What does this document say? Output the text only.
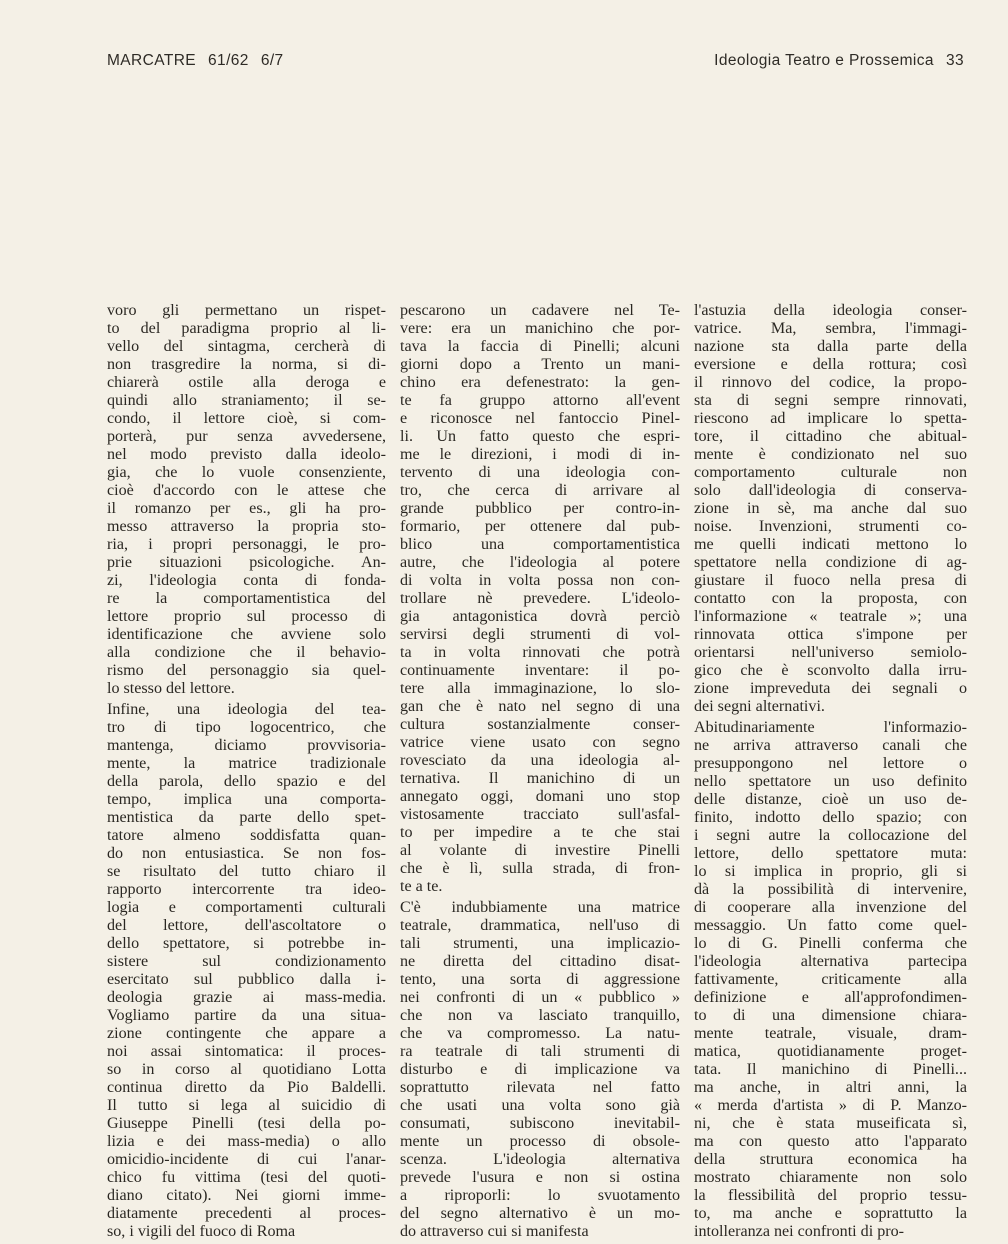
MARCATRE 61/62 6/7	Ideologia Teatro e Prossemica 33

voro gli permettano un rispet-
to del paradigma proprio al li-
vello del sintagma, cercherà di
non trasgredire la norma, si di-
chiarerà ostile alla deroga e
quindi allo straniamento; il se-
condo, il lettore cioè, si com-
porterà, pur senza avvedersene,
nel modo previsto dalla ideolo-
gia, che lo vuole consenziente,
cioè d'accordo con le attese che
il romanzo per es., gli ha pro-
messo attraverso la propria sto-
ria, i propri personaggi, le pro-
prie situazioni psicologiche. An-
zi, l'ideologia conta di fonda-
re la comportamentistica del
lettore proprio sul processo di
identificazione che avviene solo
alla condizione che il behavio-
rismo del personaggio sia quel-
lo stesso del lettore.

Infine, una ideologia del tea-
tro di tipo logocentrico, che
mantenga, diciamo provvisoria-
mente, la matrice tradizionale
della parola, dello spazio e del
tempo, implica una comporta-
mentistica da parte dello spet-
tatore almeno soddisfatta quan-
do non entusiastica. Se non fos-
se risultato del tutto chiaro il
rapporto intercorrente tra ideo-
logia e comportamenti culturali
del lettore, dell'ascoltatore o
dello spettatore, si potrebbe in-
sistere sul condizionamento
esercitato sul pubblico dalla i-
deologia grazie ai mass-media.
Vogliamo partire da una situa-
zione contingente che appare a
noi assai sintomatica: il proces-
so in corso al quotidiano Lotta
continua diretto da Pio Baldelli.
Il tutto si lega al suicidio di
Giuseppe Pinelli (tesi della po-
lizia e dei mass-media) o allo
omicidio-incidente di cui l'anar-
chico fu vittima (tesi del quoti-
diano citato). Nei giorni imme-
diatamente precedenti al proces-
so, i vigili del fuoco di Roma

pescarono un cadavere nel Te-
vere: era un manichino che por-
tava la faccia di Pinelli; alcuni
giorni dopo a Trento un mani-
chino era defenestrato: la gen-
te fa gruppo attorno all'event
e riconosce nel fantoccio Pinel-
li. Un fatto questo che espri-
me le direzioni, i modi di in-
tervento di una ideologia con-
tro, che cerca di arrivare al
grande pubblico per contro-in-
formario, per ottenere dal pub-
blico una comportamentistica
autre, che l'ideologia al potere
di volta in volta possa non con-
trollare nè prevedere. L'ideolo-
gia antagonistica dovrà perciò
servirsi degli strumenti di vol-
ta in volta rinnovati che potrà
continuamente inventare: il po-
tere alla immaginazione, lo slo-
gan che è nato nel segno di una
cultura sostanzialmente conser-
vatrice viene usato con segno
rovesciato da una ideologia al-
ternativa. Il manichino di un
annegato oggi, domani uno stop
vistosamente tracciato sull'asfal-
to per impedire a te che stai
al volante di investire Pinelli
che è lì, sulla strada, di fron-
te a te.

C'è indubbiamente una matrice
teatrale, drammatica, nell'uso di
tali strumenti, una implicazio-
ne diretta del cittadino disat-
tento, una sorta di aggressione
nei confronti di un « pubblico »
che non va lasciato tranquillo,
che va compromesso. La natu-
ra teatrale di tali strumenti di
disturbo e di implicazione va
soprattutto rilevata nel fatto
che usati una volta sono già
consumati, subiscono inevitabil-
mente un processo di obsole-
scenza. L'ideologia alternativa
prevede l'usura e non si ostina
a riproporli: lo svuotamento
del segno alternativo è un mo-
do attraverso cui si manifesta

l'astuzia della ideologia conser-
vatrice. Ma, sembra, l'immagi-
nazione sta dalla parte della
eversione e della rottura; così
il rinnovo del codice, la propo-
sta di segni sempre rinnovati,
riescono ad implicare lo spetta-
tore, il cittadino che abitual-
mente è condizionato nel suo
comportamento culturale non
solo dall'ideologia di conserva-
zione in sè, ma anche dal suo
noise. Invenzioni, strumenti co-
me quelli indicati mettono lo
spettatore nella condizione di ag-
giustare il fuoco nella presa di
contatto con la proposta, con
l'informazione « teatrale »; una
rinnovata ottica s'impone per
orientarsi nell'universo semiolo-
gico che è sconvolto dalla irru-
zione impreveduta dei segnali o
dei segni alternativi.

Abitudinariamente l'informazio-
ne arriva attraverso canali che
presuppongono nel lettore o
nello spettatore un uso definito
delle distanze, cioè un uso de-
finito, indotto dello spazio; con
i segni autre la collocazione del
lettore, dello spettatore muta:
lo si implica in proprio, gli si
dà la possibilità di intervenire,
di cooperare alla invenzione del
messaggio. Un fatto come quel-
lo di G. Pinelli conferma che
l'ideologia alternativa partecipa
fattivamente, criticamente alla
definizione e all'approfondimen-
to di una dimensione chiara-
mente teatrale, visuale, dram-
matica, quotidianamente proget-
tata. Il manichino di Pinelli...
ma anche, in altri anni, la
« merda d'artista » di P. Manzo-
ni, che è stata museificata sì,
ma con questo atto l'apparato
della struttura economica ha
mostrato chiaramente non solo
la flessibilità del proprio tessu-
to, ma anche e soprattutto la
intolleranza nei confronti di pro-
